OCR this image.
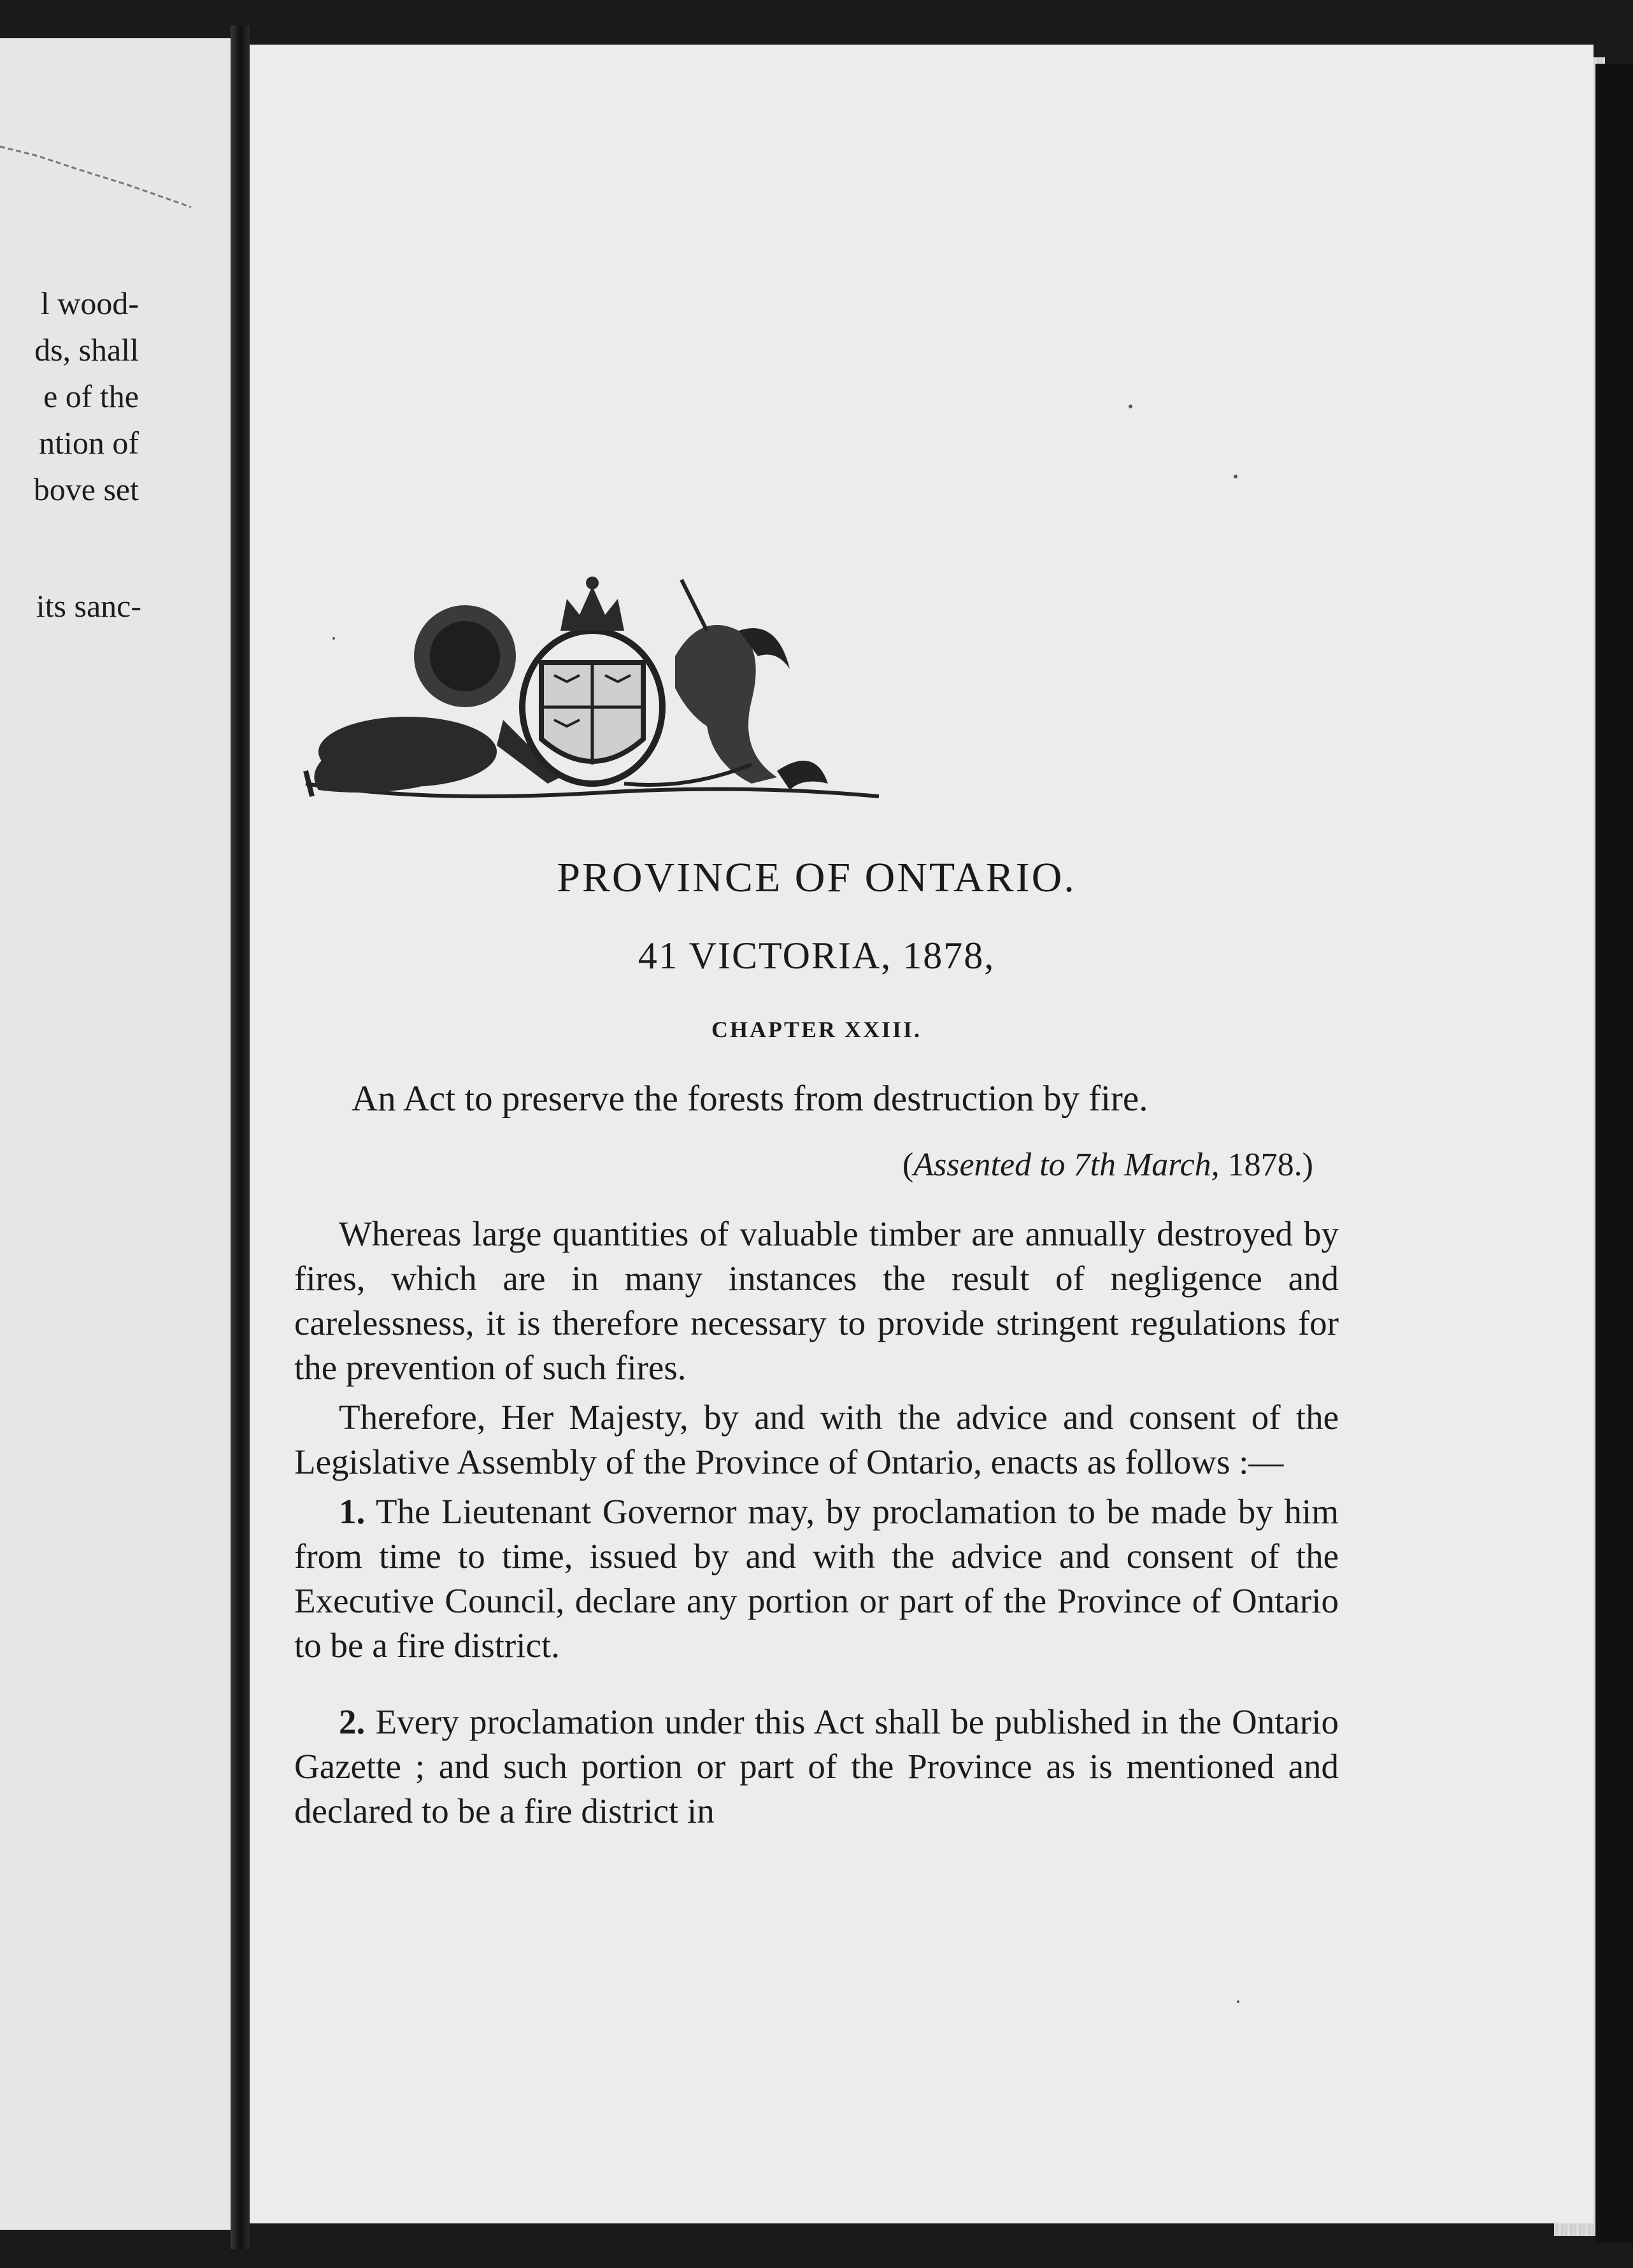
l wood-
ds, shall
e of the
ntion of
bove set
its sanc-
PROVINCE OF ONTARIO.
41 VICTORIA, 1878,
CHAPTER XXIII.
An Act to preserve the forests from destruction by fire.
(Assented to 7th March, 1878.)

Whereas large quantities of valuable timber are annually destroyed by fires, which are in many instances the result of negligence and carelessness, it is therefore necessary to provide stringent regulations for the prevention of such fires.

Therefore, Her Majesty, by and with the advice and consent of the Legislative Assembly of the Province of Ontario, enacts as follows :—

1. The Lieutenant Governor may, by proclamation to be made by him from time to time, issued by and with the advice and consent of the Executive Council, declare any portion or part of the Province of Ontario to be a fire district.

2. Every proclamation under this Act shall be published in the Ontario Gazette ; and such portion or part of the Province as is mentioned and declared to be a fire district in
